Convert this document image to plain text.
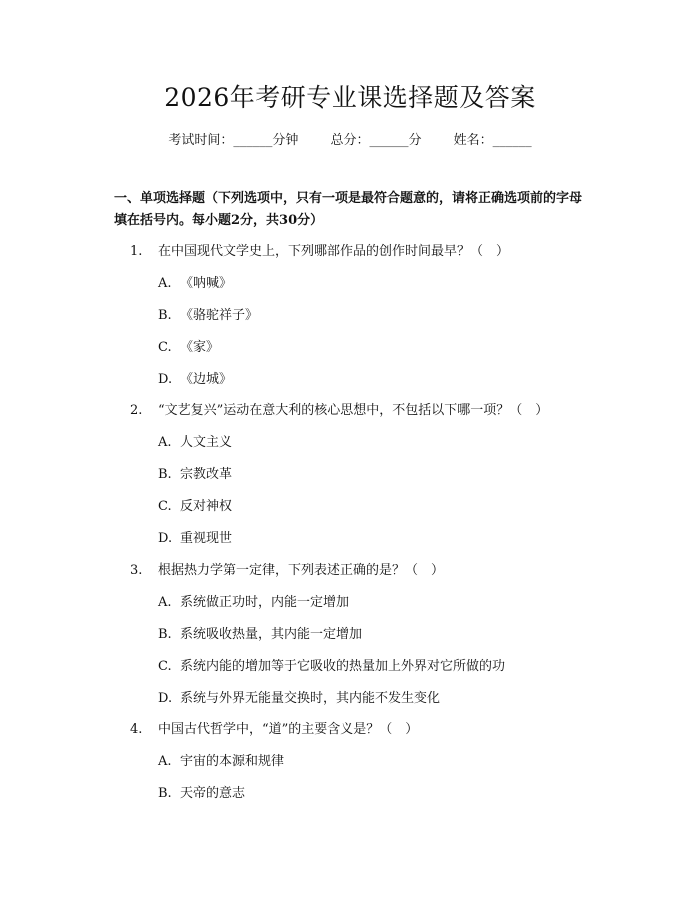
2026年考研专业课选择题及答案
考试时间：______分钟 总分：______分 姓名：______
一、单项选择题（下列选项中，只有一项是最符合题意的，请将正确选项前的字母填在括号内。每小题2分，共30分）
1. 在中国现代文学史上，下列哪部作品的创作时间最早？（　）
A. 《呐喊》
B. 《骆驼祥子》
C. 《家》
D. 《边城》
2. “文艺复兴”运动在意大利的核心思想中，不包括以下哪一项？（　）
A. 人文主义
B. 宗教改革
C. 反对神权
D. 重视现世
3. 根据热力学第一定律，下列表述正确的是？（　）
A. 系统做正功时，内能一定增加
B. 系统吸收热量，其内能一定增加
C. 系统内能的增加等于它吸收的热量加上外界对它所做的功
D. 系统与外界无能量交换时，其内能不发生变化
4. 中国古代哲学中，“道”的主要含义是？（　）
A. 宇宙的本源和规律
B. 天帝的意志
